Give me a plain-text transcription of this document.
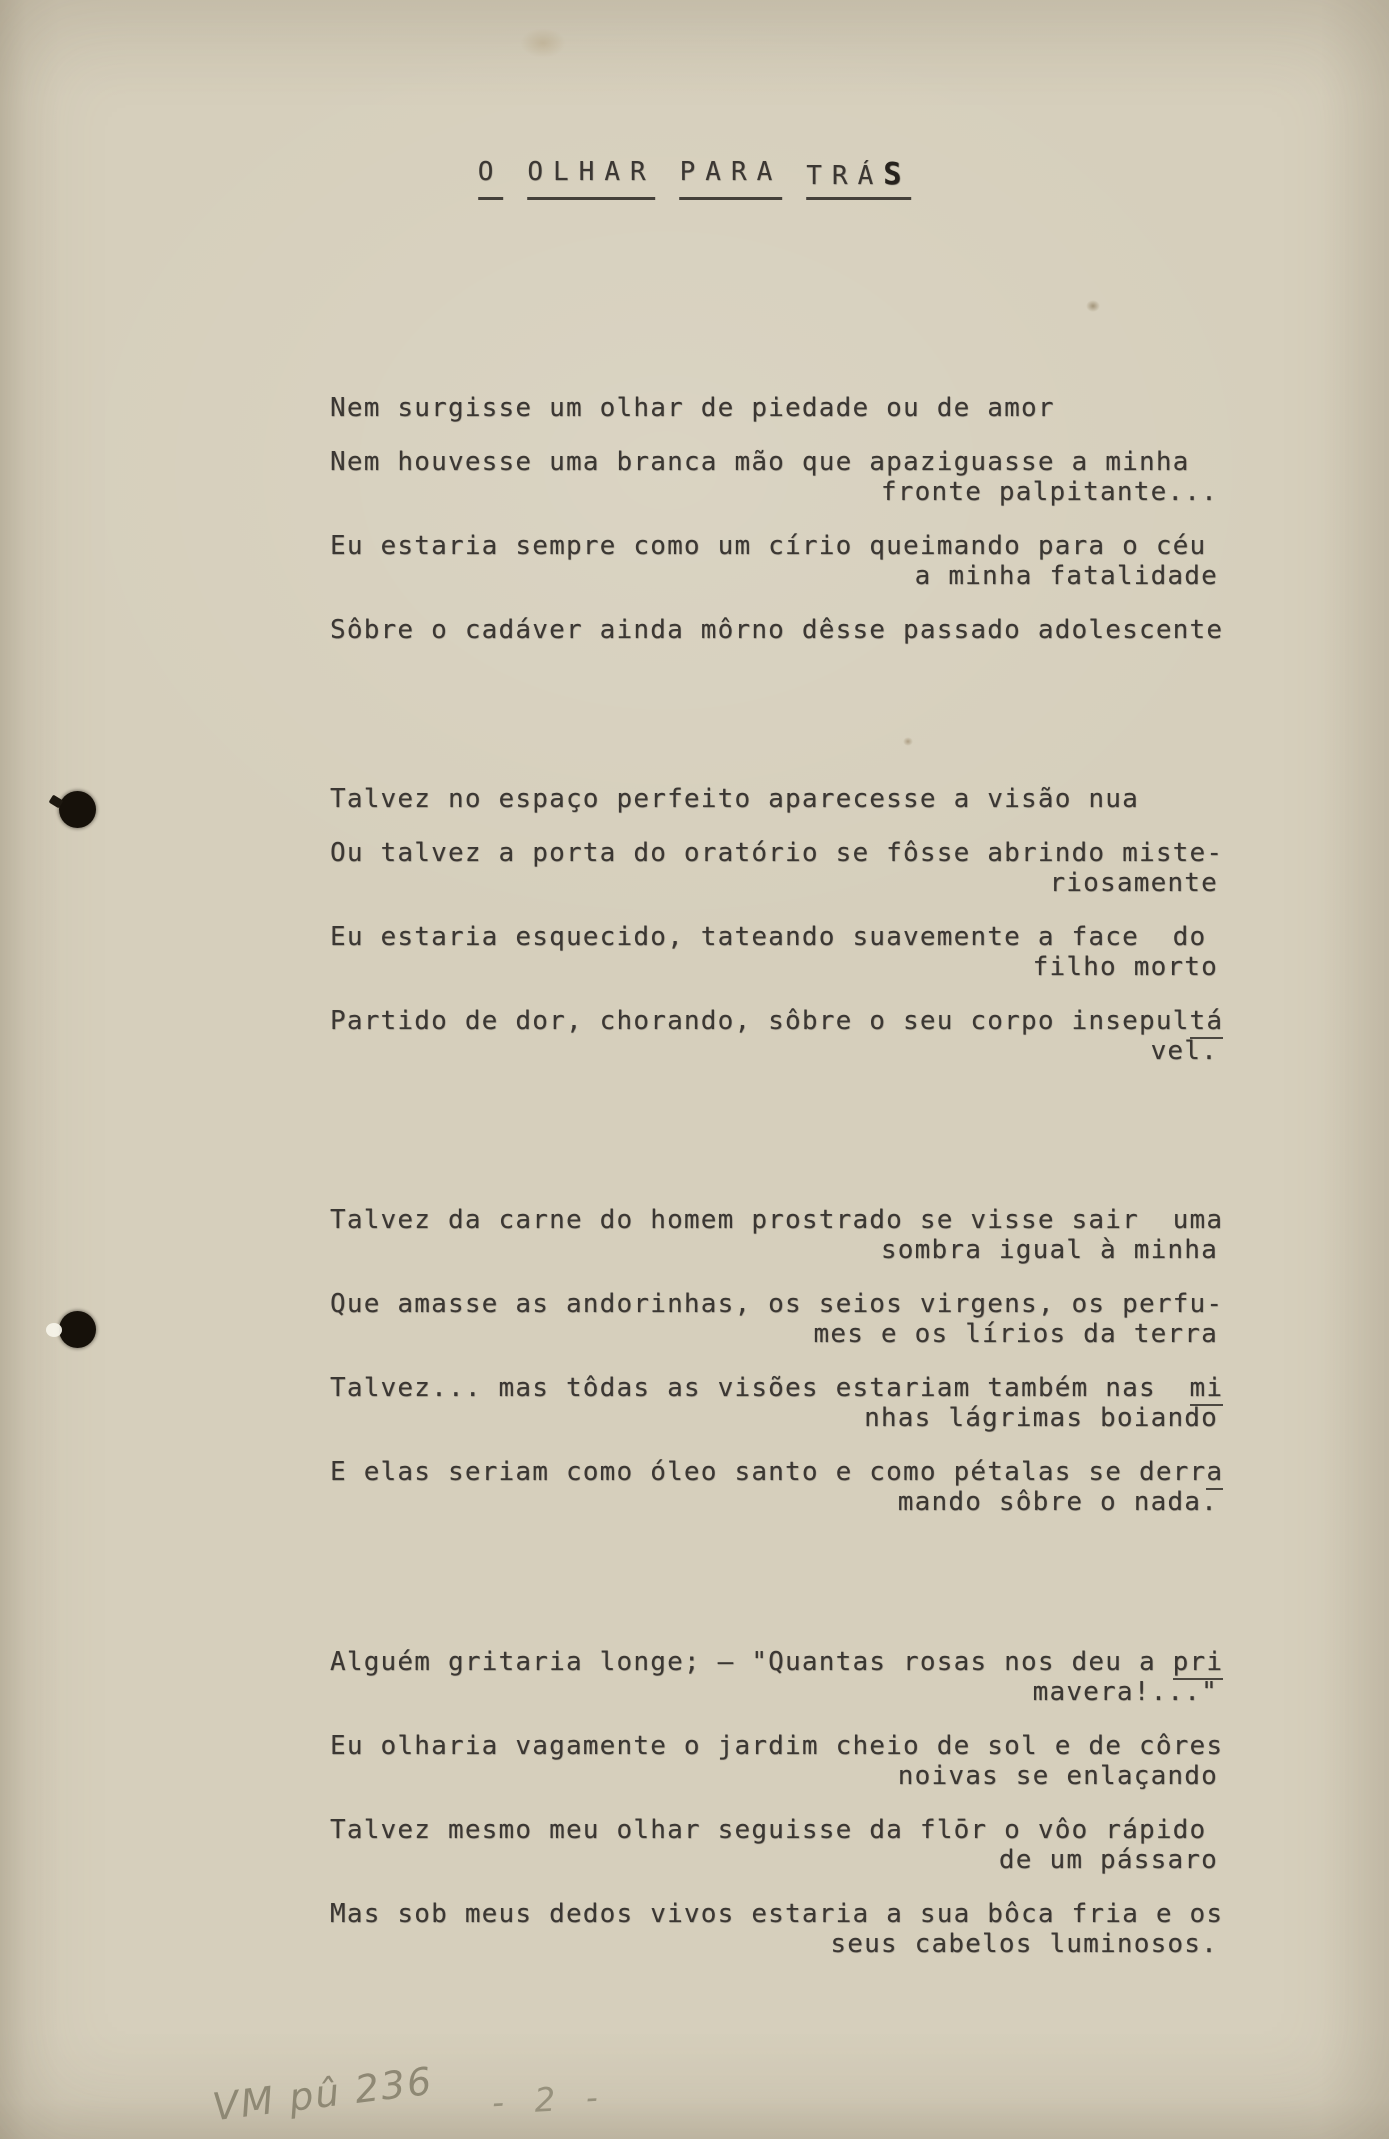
O OLHAR PARA TRÁS
Nem surgisse um olhar de piedade ou de amor
Nem houvesse uma branca mão que apaziguasse a minha
fronte palpitante...
Eu estaria sempre como um círio queimando para o céu
a minha fatalidade
Sôbre o cadáver ainda môrno dêsse passado adolescente
Talvez no espaço perfeito aparecesse a visão nua
Ou talvez a porta do oratório se fôsse abrindo miste-
riosamente
Eu estaria esquecido, tateando suavemente a face  do
filho morto
Partido de dor, chorando, sôbre o seu corpo insepultá
vel.
Talvez da carne do homem prostrado se visse sair  uma
sombra igual à minha
Que amasse as andorinhas, os seios virgens, os perfu-
mes e os lírios da terra
Talvez... mas tôdas as visões estariam também nas  mi
nhas lágrimas boiando
E elas seriam como óleo santo e como pétalas se derra
mando sôbre o nada.
Alguém gritaria longe; — "Quantas rosas nos deu a pri
mavera!..."
Eu olharia vagamente o jardim cheio de sol e de côres
noivas se enlaçando
Talvez mesmo meu olhar seguisse da flōr o vôo rápido
de um pássaro
Mas sob meus dedos vivos estaria a sua bôca fria e os
seus cabelos luminosos.
VM pû 236 - 2 -
